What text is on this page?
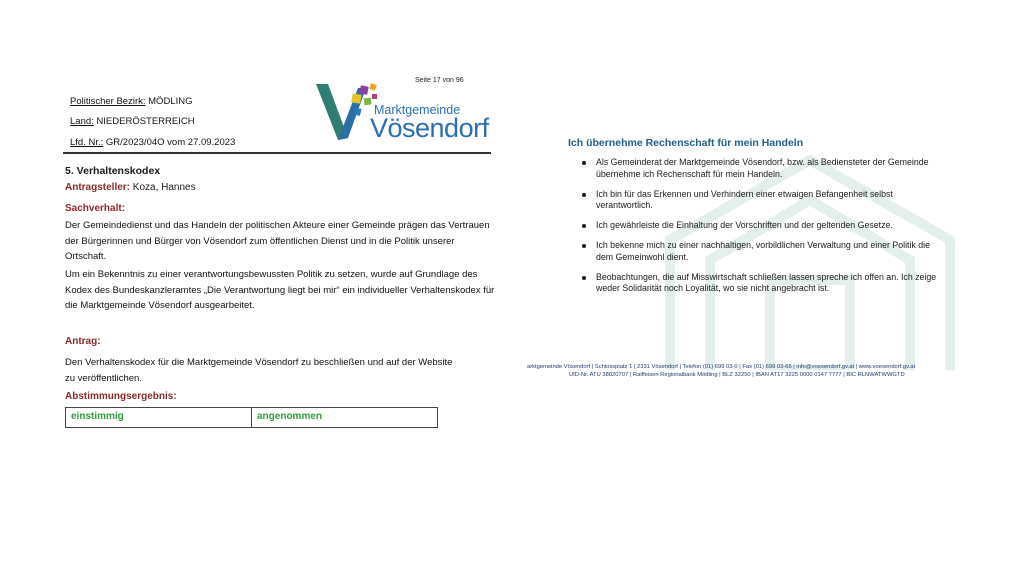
Seite 17 von 96
Politischer Bezirk: MÖDLING
Land: NIEDERÖSTERREICH
Lfd. Nr.: GR/2023/04O vom 27.09.2023
Marktgemeinde
Vösendorf
5. Verhaltenskodex
Antragsteller: Koza, Hannes
Sachverhalt:
Der Gemeindedienst und das Handeln der politischen Akteure einer Gemeinde prägen das Vertrauen der Bürgerinnen und Bürger von Vösendorf zum öffentlichen Dienst und in die Politik unserer Ortschaft.
Um ein Bekenntnis zu einer verantwortungsbewussten Politik zu setzen, wurde auf Grundlage des Kodex des Bundeskanzleramtes „Die Verantwortung liegt bei mir“ ein individueller Verhaltenskodex für die Marktgemeinde Vösendorf ausgearbeitet.
Antrag:
Den Verhaltenskodex für die Marktgemeinde Vösendorf zu beschließen und auf der Website zu veröffentlichen.
Abstimmungsergebnis:
einstimmig	angenommen
Ich übernehme Rechenschaft für mein Handeln
Als Gemeinderat der Marktgemeinde Vösendorf, bzw. als Bediensteter der Gemeinde übernehme ich Rechenschaft für mein Handeln.
Ich bin für das Erkennen und Verhindern einer etwaigen Befangenheit selbst verantwortlich.
Ich gewährleiste die Einhaltung der Vorschriften und der geltenden Gesetze.
Ich bekenne mich zu einer nachhaltigen, vorbildlichen Verwaltung und einer Politik die dem Gemeinwohl dient.
Beobachtungen, die auf Misswirtschaft schließen lassen spreche ich offen an. Ich zeige weder Solidarität noch Loyalität, wo sie nicht angebracht ist.
arktgemeinde Vösendorf | Schlossplatz 1 | 2331 Vösendorf | Telefon (01) 699 03-0 | Fax (01) 699 03-66 | info@voesendorf.gv.at | www.voesendorf.gv.at
UID-Nr. ATU 38020707 | Raiffeisen Regionalbank Mödling | BLZ 32250 | IBAN AT17 3225 0000 0147 7777 | BIC RLNWATWWGTD
